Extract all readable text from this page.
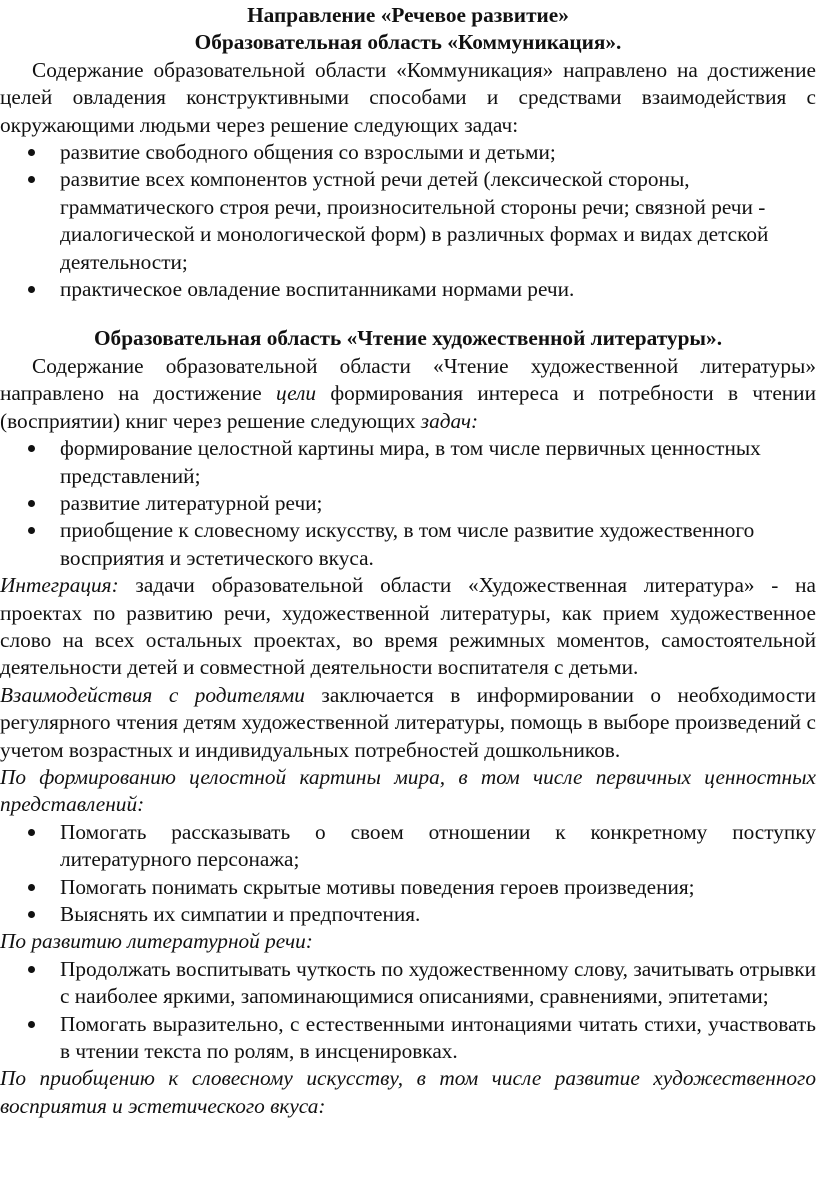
Направление «Речевое развитие»
Образовательная область «Коммуникация».

Содержание образовательной области «Коммуникация» направлено на достижение целей овладения конструктивными способами и средствами взаимодействия с окружающими людьми через решение следующих задач:

развитие свободного общения со взрослыми и детьми;
развитие всех компонентов устной речи детей (лексической стороны, грамматического строя речи, произносительной стороны речи; связной речи - диалогической и монологической форм) в различных формах и видах детской деятельности;
практическое овладение воспитанниками нормами речи.
Образовательная область «Чтение художественной литературы».

Содержание образовательной области «Чтение художественной литературы» направлено на достижение цели формирования интереса и потребности в чтении (восприятии) книг через решение следующих задач:

формирование целостной картины мира, в том числе первичных ценностных представлений;
развитие литературной речи;
приобщение к словесному искусству, в том числе развитие художественного восприятия и эстетического вкуса.

Интеграция: задачи образовательной области «Художественная литература» - на проектах по развитию речи, художественной литературы, как прием художественное слово на всех остальных проектах, во время режимных моментов, самостоятельной деятельности детей и совместной деятельности воспитателя с детьми.

Взаимодействия с родителями заключается в информировании о необходимости регулярного чтения детям художественной литературы, помощь в выборе произведений с учетом возрастных и индивидуальных потребностей дошкольников.

По формированию целостной картины мира, в том числе первичных ценностных представлений:

Помогать рассказывать о своем отношении к конкретному поступку литературного персонажа;
Помогать понимать скрытые мотивы поведения героев произведения;
Выяснять их симпатии и предпочтения.

По развитию литературной речи:

Продолжать воспитывать чуткость по художественному слову, зачитывать отрывки с наиболее яркими, запоминающимися описаниями, сравнениями, эпитетами;
Помогать выразительно, с естественными интонациями читать стихи, участвовать в чтении текста по ролям, в инсценировках.

По приобщению к словесному искусству, в том числе развитие художественного восприятия и эстетического вкуса:
